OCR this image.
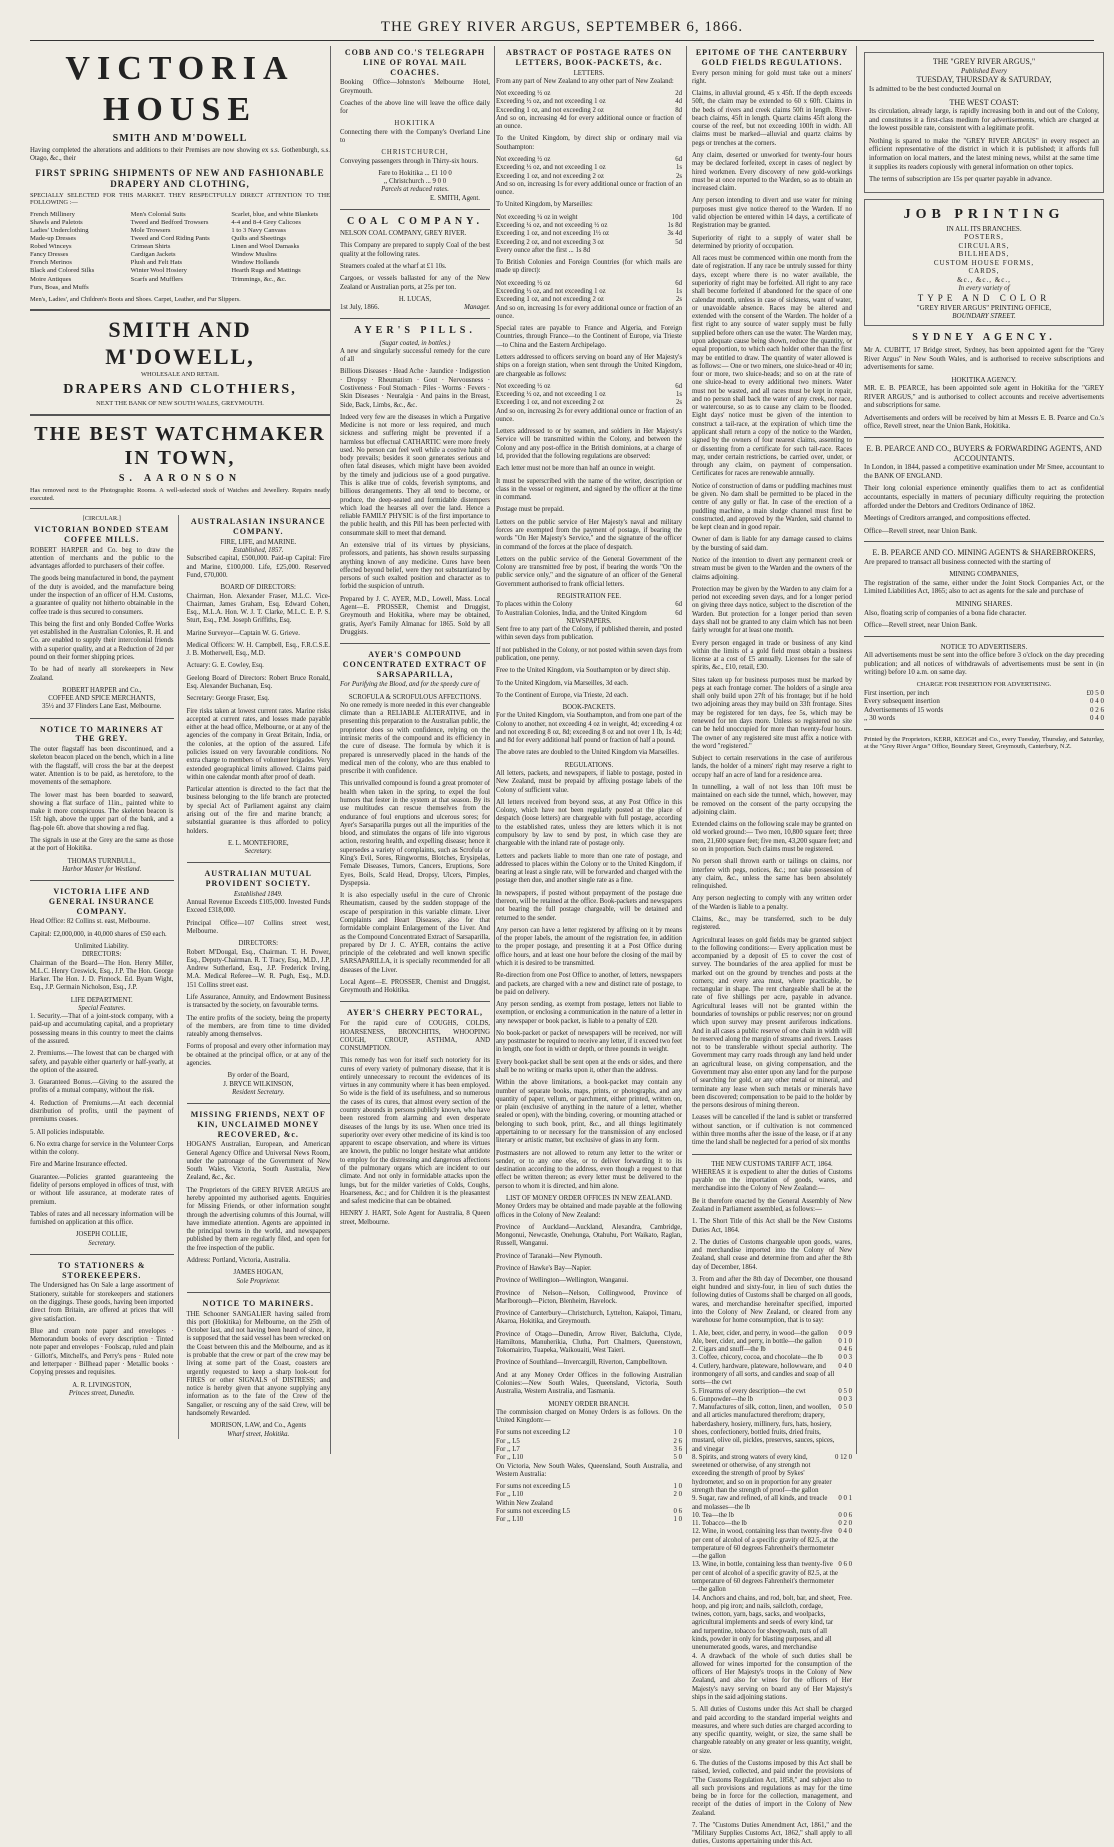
THE GREY RIVER ARGUS, SEPTEMBER 6, 1866.
VICTORIA HOUSE
SMITH AND M'DOWELL

Having completed the alterations and additions to their Premises are now showing ex s.s. Gothenburgh, s.s. Otago, &c., their

FIRST SPRING SHIPMENTS OF NEW AND FASHIONABLE DRAPERY AND CLOTHING,

SPECIALLY SELECTED FOR THIS MARKET. THEY RESPECTFULLY DIRECT ATTENTION TO THE FOLLOWING :—

French Millinery
Shawls and Paletots
Ladies' Underclothing
Made-up Dresses
Robed Winceys
Fancy Dresses
French Merinos
Black and Colored Silks
Moire Antiques
Furs, Boas, and Muffs
Men's Colonial Suits
Tweed and Bedford Trowsers
Mole Trowsers
Tweed and Cord Riding Pants
Crimean Shirts
Cardigan Jackets
Plush and Felt Hats
Winter Wool Hosiery
Scarfs and Mufflers
Scarlet, blue, and white Blankets
4-4 and 8-4 Grey Calicoes
1 to 3 Navy Canvass
Quilts and Sheetings
Linen and Wool Damasks
Window Muslins
Window Hollands
Hearth Rugs and Mattings
Trimmings, &c., &c.

Men's, Ladies', and Children's Boots and Shoes. Carpet, Leather, and Fur Slippers.

SMITH AND M'DOWELL,
WHOLESALE AND RETAIL
DRAPERS AND CLOTHIERS,
NEXT THE BANK OF NEW SOUTH WALES, GREYMOUTH.
THE BEST WATCHMAKER IN TOWN,
S. AARONSON

Has removed next to the Photographic Rooms. A well-selected stock of Watches and Jewellery. Repairs neatly executed.

[CIRCULAR.]
VICTORIAN BONDED STEAM COFFEE MILLS.

ROBERT HARPER and Co. beg to draw the attention of merchants and the public to the advantages afforded to purchasers of their coffee.

The goods being manufactured in bond, the payment of the duty is avoided, and the manufacture being under the inspection of an officer of H.M. Customs, a guarantee of quality not hitherto obtainable in the coffee trade is thus secured to consumers.

This being the first and only Bonded Coffee Works yet established in the Australian Colonies, R. H. and Co. are enabled to supply their intercolonial friends with a superior quality, and at a Reduction of 2d per pound on their former shipping prices.

To be had of nearly all storekeepers in New Zealand.

ROBERT HARPER and Co.,
COFFEE AND SPICE MERCHANTS,
35½ and 37 Flinders Lane East, Melbourne.
NOTICE TO MARINERS AT THE GREY.

The outer flagstaff has been discontinued, and a skeleton beacon placed on the bench, which in a line with the flagstaff, will cross the bar at the deepest water. Attention is to be paid, as heretofore, to the movements of the semaphore.

The lower mast has been boarded to seaward, showing a flat surface of 11in., painted white to make it more conspicuous. The skeleton beacon is 15ft high, above the upper part of the bank, and a flag-pole 6ft. above that showing a red flag.

The signals in use at the Grey are the same as those at the port of Hokitika.

THOMAS TURNBULL,
Harbor Master for Westland.
VICTORIA LIFE AND GENERAL INSURANCE COMPANY.

Head Office: 82 Collins st. east, Melbourne.

Capital: £2,000,000, in 40,000 shares of £50 each.

Unlimited Liability.
DIRECTORS:

Chairman of the Board—The Hon. Henry Miller, M.L.C. Henry Creswick, Esq., J.P. The Hon. George Harker. The Hon. J. D. Pinnock. Ed. Byam Wight, Esq., J.P. Germain Nicholson, Esq., J.P.

LIFE DEPARTMENT.
Special Features.

1. Security.—That of a joint-stock company, with a paid-up and accumulating capital, and a proprietary possessing means in this country to meet the claims of the assured.

2. Premiums.—The lowest that can be charged with safety, and payable either quarterly or half-yearly, at the option of the assured.

3. Guaranteed Bonus.—Giving to the assured the profits of a mutual company, without the risk.

4. Reduction of Premiums.—At each decennial distribution of profits, until the payment of premiums ceases.

5. All policies indisputable.

6. No extra charge for service in the Volunteer Corps within the colony.

Fire and Marine Insurance effected.

Guarantee.—Policies granted guaranteeing the fidelity of persons employed in offices of trust, with or without life assurance, at moderate rates of premium.

Tables of rates and all necessary information will be furnished on application at this office.

JOSEPH COLLIE,
Secretary.
TO STATIONERS & STOREKEEPERS.

The Undersigned has On Sale a large assortment of Stationery, suitable for storekeepers and stationers on the diggings. These goods, having been imported direct from Britain, are offered at prices that will give satisfaction.

Blue and cream note paper and envelopes · Memorandum books of every description · Tinted note paper and envelopes · Foolscap, ruled and plain · Gillott's, Mitchell's, and Perry's pens · Ruled note and letterpaper · Billhead paper · Metallic books · Copying presses and requisites.

A. R. LIVINGSTON,
Princes street, Dunedin.
AUSTRALASIAN INSURANCE COMPANY.
FIRE, LIFE, and MARINE.
Established, 1857.

Subscribed capital, £500,000. Paid-up Capital: Fire and Marine, £100,000. Life, £25,000. Reserved Fund, £70,000.

BOARD OF DIRECTORS:

Chairman, Hon. Alexander Fraser, M.L.C. Vice-Chairman, James Graham, Esq. Edward Cohen, Esq., M.L.A. Hon. W. J. T. Clarke, M.L.C. E. P. S. Sturt, Esq., P.M. Joseph Griffiths, Esq.

Marine Surveyor—Captain W. G. Grieve.

Medical Officers: W. H. Campbell, Esq., F.R.C.S.E. J. B. Motherwell, Esq., M.D.

Actuary: G. E. Cowley, Esq.

Geelong Board of Directors: Robert Bruce Ronald, Esq. Alexander Buchanan, Esq.

Secretary: George Fraser, Esq.

Fire risks taken at lowest current rates. Marine risks accepted at current rates, and losses made payable either at the head office, Melbourne, or at any of the agencies of the company in Great Britain, India, or the colonies, at the option of the assured. Life policies issued on very favourable conditions. No extra charge to members of volunteer brigades. Very extended geographical limits allowed. Claims paid within one calendar month after proof of death.

Particular attention is directed to the fact that the business belonging to the life branch are protected by special Act of Parliament against any claim arising out of the fire and marine branch; a substantial guarantee is thus afforded to policy holders.

E. L. MONTEFIORE,
Secretary.
AUSTRALIAN MUTUAL PROVIDENT SOCIETY.
Established 1849.

Annual Revenue Exceeds £105,000. Invested Funds Exceed £318,000.

Principal Office—107 Collins street west, Melbourne.

DIRECTORS:

Robert M'Dougal, Esq., Chairman. T. H. Power, Esq., Deputy-Chairman. R. T. Tracy, Esq., M.D., J.P. Andrew Sutherland, Esq., J.P. Frederick Irving, M.A. Medical Referee—W. R. Pugh, Esq., M.D. 151 Collins street east.

Life Assurance, Annuity, and Endowment Business is transacted by the society, on favourable terms.

The entire profits of the society, being the property of the members, are from time to time divided rateably among themselves.

Forms of proposal and every other information may be obtained at the principal office, or at any of the agencies.

By order of the Board,
J. BRYCE WILKINSON,
Resident Secretary.
MISSING FRIENDS, NEXT OF KIN, UNCLAIMED MONEY RECOVERED, &c.

HOGAN'S Australian, European, and American General Agency Office and Universal News Room, under the patronage of the Government of New South Wales, Victoria, South Australia, New Zealand, &c., &c.

The Proprietors of the GREY RIVER ARGUS are hereby appointed my authorised agents. Enquiries for Missing Friends, or other information sought through the advertising columns of this Journal, will have immediate attention. Agents are appointed in the principal towns in the world, and newspapers published by them are regularly filed, and open for the free inspection of the public.

Address: Portland, Victoria, Australia.

JAMES HOGAN,
Sole Proprietor.
NOTICE TO MARINERS.

THE Schooner SANGALIER having sailed from this port (Hokitika) for Melbourne, on the 25th of October last, and not having been heard of since, it is supposed that the said vessel has been wrecked on the Coast between this and the Melbourne, and as it is probable that the crew or part of the crew may be living at some part of the Coast, coasters are urgently requested to keep a sharp look-out for FIRES or other SIGNALS of DISTRESS; and notice is hereby given that anyone supplying any information as to the fate of the Crew of the Sangalier, or rescuing any of the said Crew, will be handsomely Rewarded.

MORISON, LAW, and Co., Agents
Wharf street, Hokitika.
COBB AND CO.'S TELEGRAPH LINE OF ROYAL MAIL COACHES.

Booking Office—Johnston's Melbourne Hotel, Greymouth.

Coaches of the above line will leave the office daily for

HOKITIKA

Connecting there with the Company's Overland Line to

CHRISTCHURCH,

Conveying passengers through in Thirty-six hours.

Fare to Hokitika ... £1 10 0
,, Christchurch ... 9 0 0
Parcels at reduced rates.
E. SMITH, Agent.
COAL COMPANY.

NELSON COAL COMPANY, GREY RIVER.

This Company are prepared to supply Coal of the best quality at the following rates.

Steamers coaled at the wharf at £1 10s.

Cargoes, or vessels ballasted for any of the New Zealand or Australian ports, at 25s per ton.

H. LUCAS,
1st July, 1866.	Manager.
AYER'S PILLS.
(Sugar coated, in bottles.)

A new and singularly successful remedy for the cure of all

Billious Diseases · Head Ache · Jaundice · Indigestion · Dropsy · Rheumatism · Gout · Nervousness · Costiveness · Foul Stomach · Piles · Worms · Fevers · Skin Diseases · Neuralgia · And pains in the Breast, Side, Back, Limbs, &c., &c.

Indeed very few are the diseases in which a Purgative Medicine is not more or less required, and much sickness and suffering might be prevented if a harmless but effectual CATHARTIC were more freely used. No person can feel well while a costive habit of body prevails; besides it soon generates serious and often fatal diseases, which might have been avoided by the timely and judicious use of a good purgative. This is alike true of colds, feverish symptoms, and billious derangements. They all tend to become, or produce, the deep-seated and formidable distempers which load the hearses all over the land. Hence a reliable FAMILY PHYSIC is of the first importance to the public health, and this Pill has been perfected with consummate skill to meet that demand.

An extensive trial of its virtues by physicians, professors, and patients, has shown results surpassing anything known of any medicine. Cures have been effected beyond belief, were they not substantiated by persons of such exalted position and character as to forbid the suspicion of untruth.

Prepared by J. C. AYER, M.D., Lowell, Mass. Local Agent—E. PROSSER, Chemist and Druggist, Greymouth and Hokitika, where may be obtained, gratis, Ayer's Family Almanac for 1865. Sold by all Druggists.

AYER'S COMPOUND CONCENTRATED EXTRACT OF SARSAPARILLA,

For Purifying the Blood, and for the speedy cure of

SCROFULA & SCROFULOUS AFFECTIONS.

No one remedy is more needed in this ever changeable climate than a RELIABLE ALTERATIVE, and in presenting this preparation to the Australian public, the proprietor does so with confidence, relying on the intrinsic merits of the compound and its efficiency in the cure of disease. The formula by which it is prepared is unreservedly placed in the hands of the medical men of the colony, who are thus enabled to prescribe it with confidence.

This unrivalled compound is found a great promoter of health when taken in the spring, to expel the foul humors that fester in the system at that season. By its use multitudes can rescue themselves from the endurance of foul eruptions and ulcerous sores; for Ayer's Sarsaparilla purges out all the impurities of the blood, and stimulates the organs of life into vigorous action, restoring health, and expelling disease; hence it supersedes a variety of complaints, such as Scrofula or King's Evil, Sores, Ringworms, Blotches, Erysipelas, Female Diseases, Tumors, Cancers, Eruptions, Sore Eyes, Boils, Scald Head, Dropsy, Ulcers, Pimples, Dyspepsia.

It is also especially useful in the cure of Chronic Rheumatism, caused by the sudden stoppage of the escape of perspiration in this variable climate. Liver Complaints and Heart Diseases, also for that formidable complaint Enlargement of the Liver. And as the Compound Concentrated Extract of Sarsaparilla, prepared by Dr J. C. AYER, contains the active principle of the celebrated and well known specific SARSAPARILLA, it is specially recommended for all diseases of the Liver.

Local Agent—E. PROSSER, Chemist and Druggist, Greymouth and Hokitika.

AYER'S CHERRY PECTORAL,

For the rapid cure of COUGHS, COLDS, HOARSENESS, BRONCHITIS, WHOOPING COUGH, CROUP, ASTHMA, AND CONSUMPTION.

This remedy has won for itself such notoriety for its cures of every variety of pulmonary disease, that it is entirely unnecessary to recount the evidences of its virtues in any community where it has been employed. So wide is the field of its usefulness, and so numerous the cases of its cures, that almost every section of the country abounds in persons publicly known, who have been restored from alarming and even desperate diseases of the lungs by its use. When once tried its superiority over every other medicine of its kind is too apparent to escape observation, and where its virtues are known, the public no longer hesitate what antidote to employ for the distressing and dangerous affections of the pulmonary organs which are incident to our climate. And not only in formidable attacks upon the lungs, but for the milder varieties of Colds, Coughs, Hoarseness, &c.; and for Children it is the pleasantest and safest medicine that can be obtained.

HENRY J. HART, Sole Agent for Australia, 8 Queen street, Melbourne.

ABSTRACT OF POSTAGE RATES ON LETTERS, BOOK-PACKETS, &c.
LETTERS.

From any part of New Zealand to any other part of New Zealand:

Not exceeding ½ oz	2d
Exceeding ½ oz, and not exceeding 1 oz	4d
Exceeding 1 oz, and not exceeding 2 oz	8d

And so on, increasing 4d for every additional ounce or fraction of an ounce.

To the United Kingdom, by direct ship or ordinary mail via Southampton:

Not exceeding ½ oz	6d
Exceeding ½ oz, and not exceeding 1 oz	1s
Exceeding 1 oz, and not exceeding 2 oz	2s

And so on, increasing 1s for every additional ounce or fraction of an ounce.

To United Kingdom, by Marseilles:

Not exceeding ¼ oz in weight	10d
Exceeding ¼ oz, and not exceeding ½ oz	1s 8d
Exceeding 1 oz, and not exceeding 1½ oz	3s 4d
Exceeding 2 oz, and not exceeding 3 oz	5d

Every ounce after the first ... 1s 8d

To British Colonies and Foreign Countries (for which mails are made up direct):

Not exceeding ½ oz	6d
Exceeding ½ oz, and not exceeding 1 oz	1s
Exceeding 1 oz, and not exceeding 2 oz	2s

And so on, increasing 1s for every additional ounce or fraction of an ounce.

Special rates are payable to France and Algeria, and Foreign Countries, through France—to the Continent of Europe, via Trieste—to China and the Eastern Archipelago.

Letters addressed to officers serving on board any of Her Majesty's ships on a foreign station, when sent through the United Kingdom, are chargeable as follows:

Not exceeding ½ oz	6d
Exceeding ½ oz, and not exceeding 1 oz	1s
Exceeding 1 oz, and not exceeding 2 oz	2s

And so on, increasing 2s for every additional ounce or fraction of an ounce.

Letters addressed to or by seamen, and soldiers in Her Majesty's Service will be transmitted within the Colony, and between the Colony and any post-office in the British dominions, at a charge of 1d, provided that the following regulations are observed:

Each letter must not be more than half an ounce in weight.

It must be superscribed with the name of the writer, description or class in the vessel or regiment, and signed by the officer at the time in command.

Postage must be prepaid.

Letters on the public service of Her Majesty's naval and military forces are exempted from the payment of postage, if bearing the words "On Her Majesty's Service," and the signature of the officer in command of the forces at the place of despatch.

Letters on the public service of the General Government of the Colony are transmitted free by post, if bearing the words "On the public service only," and the signature of an officer of the General Government authorised to frank official letters.

REGISTRATION FEE.
To places within the Colony	6d
To Australian Colonies, India, and the United Kingdom	6d
NEWSPAPERS.

Sent free to any part of the Colony, if published therein, and posted within seven days from publication.

If not published in the Colony, or not posted within seven days from publication, one penny.

Free to the United Kingdom, via Southampton or by direct ship.

To the United Kingdom, via Marseilles, 3d each.

To the Continent of Europe, via Trieste, 2d each.

BOOK-PACKETS.

For the United Kingdom, via Southampton, and from one part of the Colony to another, not exceeding 4 oz in weight, 4d; exceeding 4 oz and not exceeding 8 oz, 8d; exceeding 8 oz and not over 1 lb, 1s 4d; and 8d for every additional half pound or fraction of half a pound.

The above rates are doubled to the United Kingdom via Marseilles.

REGULATIONS.

All letters, packets, and newspapers, if liable to postage, posted in New Zealand, must be prepaid by affixing postage labels of the Colony of sufficient value.

All letters received from beyond seas, at any Post Office in this Colony, which have not been regularly posted at the place of despatch (loose letters) are chargeable with full postage, according to the established rates, unless they are letters which it is not compulsory by law to send by post, in which case they are chargeable with the inland rate of postage only.

Letters and packets liable to more than one rate of postage, and addressed to places within the Colony or to the United Kingdom, if bearing at least a single rate, will be forwarded and charged with the postage then due, and another single rate as a fine.

In newspapers, if posted without prepayment of the postage due thereon, will be retained at the office. Book-packets and newspapers not bearing the full postage chargeable, will be detained and returned to the sender.

Any person can have a letter registered by affixing on it by means of the proper labels, the amount of the registration fee, in addition to the proper postage, and presenting it at a Post Office during office hours, and at least one hour before the closing of the mail by which it is desired to be transmitted.

Re-direction from one Post Office to another, of letters, newspapers and packets, are charged with a new and distinct rate of postage, to be paid on delivery.

Any person sending, as exempt from postage, letters not liable to exemption, or enclosing a communication in the nature of a letter in any newspaper or book packet, is liable to a penalty of £20.

No book-packet or packet of newspapers will be received, nor will any postmaster be required to receive any letter, if it exceed two feet in length, one foot in width or depth, or three pounds in weight.

Every book-packet shall be sent open at the ends or sides, and there shall be no writing or marks upon it, other than the address.

Within the above limitations, a book-packet may contain any number of separate books, maps, prints, or photographs, and any quantity of paper, vellum, or parchment, either printed, written on, or plain (exclusive of anything in the nature of a letter, whether sealed or open), with the binding, covering, or mounting attached or belonging to such book, print, &c., and all things legitimately appertaining to or necessary for the transmission of any enclosed literary or artistic matter, but exclusive of glass in any form.

Postmasters are not allowed to return any letter to the writer or sender, or to any one else, or to deliver forwarding it to its destination according to the address, even though a request to that effect be written thereon; as every letter must be delivered to the person to whom it is directed, and him alone.

LIST OF MONEY ORDER OFFICES IN NEW ZEALAND.

Money Orders may be obtained and made payable at the following offices in the Colony of New Zealand:

Province of Auckland—Auckland, Alexandra, Cambridge, Mongonui, Newcastle, Onehunga, Otahuhu, Port Waikato, Raglan, Russell, Wanganui.

Province of Taranaki—New Plymouth.

Province of Hawke's Bay—Napier.

Province of Wellington—Wellington, Wanganui.

Province of Nelson—Nelson, Collingwood, Province of Marlborough—Picton, Blenheim, Havelock.

Province of Canterbury—Christchurch, Lyttelton, Kaiapoi, Timaru, Akaroa, Hokitika, and Greymouth.

Province of Otago—Dunedin, Arrow River, Balclutha, Clyde, Hamiltons, Manuherikia, Clutha, Port Chalmers, Queenstown, Tokomairiro, Tuapeka, Waikouaiti, West Taieri.

Province of Southland—Invercargill, Riverton, Campbelltown.

And at any Money Order Offices in the following Australian Colonies:—New South Wales, Queensland, Victoria, South Australia, Western Australia, and Tasmania.

MONEY ORDER BRANCH.

The commission charged on Money Orders is as follows. On the United Kingdom:—

For sums not exceeding L2	1 0
For ,, L5	2 6
For ,, L7	3 6
For ,, L10	5 0

On Victoria, New South Wales, Queensland, South Australia, and Western Australia:

For sums not exceeding L5	1 0
For ,, L10	2 0
Within New Zealand
For sums not exceeding L5	0 6
For ,, L10	1 0
EPITOME OF THE CANTERBURY GOLD FIELDS REGULATIONS.

Every person mining for gold must take out a miners' right.

Claims, in alluvial ground, 45 x 45ft. If the depth exceeds 50ft, the claim may be extended to 60 x 60ft. Claims in the beds of rivers and creek claims 50ft in length. River-beach claims, 45ft in length. Quartz claims 45ft along the course of the reef, but not exceeding 100ft in width. All claims must be marked—alluvial and quartz claims by pegs or trenches at the corners.

Any claim, deserted or unworked for twenty-four hours may be declared forfeited, except in cases of neglect by hired workmen. Every discovery of new gold-workings must be at once reported to the Warden, so as to obtain an increased claim.

Any person intending to divert and use water for mining purposes must give notice thereof to the Warden. If no valid objection be entered within 14 days, a certificate of Registration may be granted.

Superiority of right to a supply of water shall be determined by priority of occupation.

All races must be commenced within one month from the date of registration. If any race be untruly sussed for thirty days, except where there is no water available, the superiority of right may be forfeited. All right to any race shall become forfeited if abandoned for the space of one calendar month, unless in case of sickness, want of water, or unavoidable absence. Races may be altered and extended with the consent of the Warden. The holder of a first right to any source of water supply must be fully supplied before others can use the water. The Warden may, upon adequate cause being shown, reduce the quantity, or equal proportion, to which each holder other than the first may be entitled to draw. The quantity of water allowed is as follows:— One or two miners, one sluice-head or 40 in; four or more, two sluice-heads; and so on at the rate of one sluice-head to every additional two miners. Water must not be wasted, and all races must be kept in repair, and no person shall back the water of any creek, nor race, or watercourse, so as to cause any claim to be flooded. Eight days' notice must be given of the intention to construct a tail-race, at the expiration of which time the applicant shall return a copy of the notice to the Warden, signed by the owners of four nearest claims, assenting to or dissenting from a certificate for such tail-race. Races may, under certain restrictions, be carried over, under, or through any claim, on payment of compensation. Certificates for races are renewable annually.

Notice of construction of dams or puddling machines must be given. No dam shall be permitted to be placed in the centre of any gully or flat. In case of the erection of a puddling machine, a main sludge channel must first be constructed, and approved by the Warden, said channel to be kept clean and in good repair.

Owner of dam is liable for any damage caused to claims by the bursting of said dam.

Notice of the intention to divert any permanent creek or stream must be given to the Warden and the owners of the claims adjoining.

Protection may be given by the Warden to any claim for a period not exceeding seven days, and for a longer period on giving three days notice, subject to the discretion of the Warden. But protection for a longer period than seven days shall not be granted to any claim which has not been fairly wrought for at least one month.

Every person engaged in trade or business of any kind within the limits of a gold field must obtain a business license at a cost of £5 annually. Licenses for the sale of spirits, &c., £10, retail, £30.

Sites taken up for business purposes must be marked by pegs at each frontage corner. The holders of a single area shall only build upon 27ft of his frontage; but if he hold two adjoining areas they may build on 33ft frontage. Sites may be registered for ten days, fee 5s, which may be renewed for ten days more. Unless so registered no site can be held unoccupied for more than twenty-four hours. The owner of any registered site must affix a notice with the word "registered."

Subject to certain reservations in the case of auriferous lands, the holder of a miners' right may reserve a right to occupy half an acre of land for a residence area.

In tunnelling, a wall of not less than 10ft must be maintained on each side the tunnel, which, however, may be removed on the consent of the party occupying the adjoining claim.

Extended claims on the following scale may be granted on old worked ground:— Two men, 10,800 square feet; three men, 21,600 square feet; five men, 43,200 square feet; and so on in proportion. Such claims must be registered.

No person shall thrown earth or tailings on claims, nor interfere with pegs, notices, &c.; nor take possession of any claim, &c., unless the same has been absolutely relinquished.

Any person neglecting to comply with any written order of the Warden is liable to a penalty.

Claims, &c., may be transferred, such to be duly registered.

Agricultural leases on gold fields may be granted subject to the following conditions:— Every application must be accompanied by a deposit of £5 to cover the cost of survey. The boundaries of the area applied for must be marked out on the ground by trenches and posts at the corners; and every area must, where practicable, be rectangular in shape. The rent chargeable shall be at the rate of five shillings per acre, payable in advance. Agricultural leases will not be granted within the boundaries of townships or public reserves; nor on ground which upon survey may present auriferous indications. And in all cases a public reserve of one chain in width will be reserved along the margin of streams and rivers. Leases not to be transferable without special authority. The Government may carry roads through any land held under an agricultural lease, on giving compensation, and the Government may also enter upon any land for the purpose of searching for gold, or any other metal or mineral, and terminate any lease when such metals or minerals have been discovered; compensation to be paid to the holder by the persons desirous of mining thereon.

Leases will be cancelled if the land is sublet or transferred without sanction, or if cultivation is not commenced within three months after the issue of the lease, or if at any time the land shall be neglected for a period of six months

THE NEW CUSTOMS TARIFF ACT, 1864.

WHEREAS it is expedient to alter the duties of Customs payable on the importation of goods, wares, and merchandise into the Colony of New Zealand:—

Be it therefore enacted by the General Assembly of New Zealand in Parliament assembled, as follows:—

1. The Short Title of this Act shall be the New Customs Duties Act, 1864.

2. The duties of Customs chargeable upon goods, wares, and merchandise imported into the Colony of New Zealand, shall cease and determine from and after the 8th day of December, 1864.

3. From and after the 8th day of December, one thousand eight hundred and sixty-four, in lieu of such duties the following duties of Customs shall be charged on all goods, wares, and merchandise hereinafter specified, imported into the Colony of New Zealand, or cleared from any warehouse for home consumption, that is to say:

1. Ale, beer, cider, and perry, in wood—the gallon 0 0 9
Ale, beer, cider, and perry, in bottle—the gallon 0 1 0
2. Cigars and snuff—the lb	0 4 6
3. Coffee, chicory, cocoa, and chocolate—the lb 0 0 3
4. Cutlery, hardware, plateware, hollowware, and ironmongery of all sorts, and candles and soap of all sorts—the cwt
0 4 0
5. Firearms of every description—the cwt	0 5 0
6. Gunpowder—the lb	0 0 3
7. Manufactures of silk, cotton, linen, and woollen, and all articles manufactured therefrom; drapery, haberdashery, hosiery, millinery, furs, hats, hosiery, shoes, confectionery, bottled fruits, dried fruits, mustard, olive oil, pickles, preserves, sauces, spices, and vinegar
0 5 0
8. Spirits, and strong waters of every kind, sweetened or otherwise, of any strength not exceeding the strength of proof by Sykes' hydrometer, and so on in proportion for any greater strength than the strength of proof—the gallon
0 12 0
9. Sugar, raw and refined, of all kinds, and treacle and molasses—the lb
0 0 1
10. Tea—the lb	0 0 6
11. Tobacco—the lb	0 2 0
12. Wine, in wood, containing less than twenty-five per cent of alcohol of a specific gravity of 82.5, at the temperature of 60 degrees Fahrenheit's thermometer—the gallon
0 4 0
13. Wine, in bottle, containing less than twenty-five per cent of alcohol of a specific gravity of 82.5, at the temperature of 60 degrees Fahrenheit's thermometer—the gallon
0 6 0
14. Anchors and chains, and rod, bolt, bar, and sheet, hoop, and pig iron; and nails, sailcloth, cordage, twines, cotton, yarn, bags, sacks, and woolpacks, agricultural implements and seeds of every kind, tar and turpentine, tobacco for sheepwash, nuts of all kinds, powder in only for blasting purposes, and all unenumerated goods, wares, and merchandise
Free.

4. A drawback of the whole of such duties shall be allowed for wines imported for the consumption of the officers of Her Majesty's troops in the Colony of New Zealand, and also for wines for the officers of Her Majesty's navy serving on board any of Her Majesty's ships in the said adjoining stations.

5. All duties of Customs under this Act shall be charged and paid according to the standard imperial weights and measures, and where such duties are charged according to any specific quantity, weight, or size, the same shall be chargeable rateably on any greater or less quantity, weight, or size.

6. The duties of the Customs imposed by this Act shall be raised, levied, collected, and paid under the provisions of "The Customs Regulation Act, 1858," and subject also to all such provisions and regulations as may for the time being be in force for the collection, management, and receipt of the duties of import in the Colony of New Zealand.

7. The "Customs Duties Amendment Act, 1861," and the "Military Supplies Customs Act, 1862," shall apply to all duties, Customs appertaining under this Act.

THE "GREY RIVER ARGUS,"
Published Every
TUESDAY, THURSDAY & SATURDAY,

Is admitted to be the best conducted Journal on

THE WEST COAST:

Its circulation, already large, is rapidly increasing both in and out of the Colony, and constitutes it a first-class medium for advertisements, which are charged at the lowest possible rate, consistent with a legitimate profit.

Nothing is spared to make the "GREY RIVER ARGUS" in every respect an efficient representative of the district in which it is published; it affords full information on local matters, and the latest mining news, whilst at the same time it supplies its readers copiously with general information on other topics.

The terms of subscription are 15s per quarter payable in advance.

JOB PRINTING
IN ALL ITS BRANCHES.
POSTERS,
CIRCULARS,
BILLHEADS,
CUSTOM HOUSE FORMS,
CARDS,
&c., &c., &c.,
In every variety of
TYPE AND COLOR
"GREY RIVER ARGUS" PRINTING OFFICE,
BOUNDARY STREET.
SYDNEY AGENCY.

Mr A. CUBITT, 17 Bridge street, Sydney, has been appointed agent for the "Grey River Argus" in New South Wales, and is authorised to receive subscriptions and advertisements for same.

HOKITIKA AGENCY.

MR. E. B. PEARCE, has been appointed sole agent in Hokitika for the "GREY RIVER ARGUS," and is authorised to collect accounts and receive advertisements and subscriptions for same.

Advertisements and orders will be received by him at Messrs E. B. Pearce and Co.'s office, Revell street, near the Union Bank, Hokitika.

E. B. PEARCE AND CO., BUYERS & FORWARDING AGENTS, AND ACCOUNTANTS.

In London, in 1844, passed a competitive examination under Mr Smee, accountant to the BANK OF ENGLAND.

Their long colonial experience eminently qualifies them to act as confidential accountants, especially in matters of pecuniary difficulty requiring the protection afforded under the Debtors and Creditors Ordinance of 1862.

Meetings of Creditors arranged, and compositions effected.

Office—Revell street, near Union Bank.

E. B. PEARCE AND CO. MINING AGENTS & SHAREBROKERS,

Are prepared to transact all business connected with the starting of

MINING COMPANIES,

The registration of the same, either under the Joint Stock Companies Act, or the Limited Liabilities Act, 1865; also to act as agents for the sale and purchase of

MINING SHARES.

Also, floating scrip of companies of a bona fide character.

Office—Revell street, near Union Bank.

NOTICE TO ADVERTISERS.

All advertisements must be sent into the office before 3 o'clock on the day preceding publication; and all notices of withdrawals of advertisements must be sent in (in writing) before 10 a.m. on same day.

CHARGE FOR INSERTION FOR ADVERTISING.
First insertion, per inch	£0 5 0
Every subsequent insertion	0 4 0
Advertisements of 15 words	0 2 6
,, 30 words	0 4 0

Printed by the Proprietors, KERR, KEOGH and Co., every Tuesday, Thursday, and Saturday, at the "Grey River Argus" Office, Boundary Street, Greymouth, Canterbury, N.Z.
